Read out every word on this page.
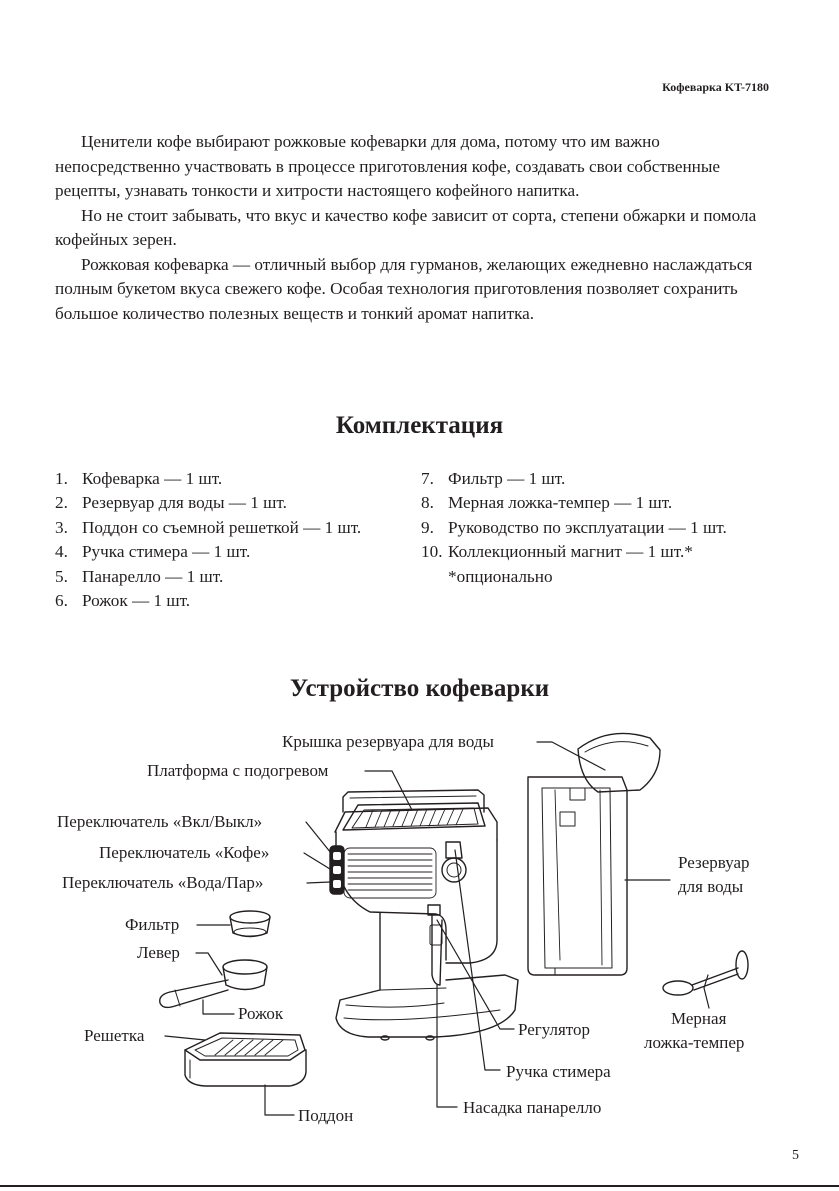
Кофеварка KT-7180

Ценители кофе выбирают рожковые кофеварки для дома, потому что им важно непосредственно участвовать в процессе приготовления кофе, создавать свои собственные рецепты, узнавать тонкости и хитрости настоящего кофейного напитка.

Но не стоит забывать, что вкус и качество кофе зависит от сорта, степени обжарки и помола кофейных зерен.

Рожковая кофеварка — отличный выбор для гурманов, желающих ежедневно наслаждаться полным букетом вкуса свежего кофе. Особая технология приготовления позволяет сохранить большое количество полезных веществ и тонкий аромат напитка.

Комплектация
1. Кофеварка — 1 шт.
2. Резервуар для воды — 1 шт.
3. Поддон со съемной решеткой — 1 шт.
4. Ручка стимера — 1 шт.
5. Панарелло — 1 шт.
6. Рожок — 1 шт.
7. Фильтр — 1 шт.
8. Мерная ложка-темпер — 1 шт.
9. Руководство по эксплуатации — 1 шт.
10. Коллекционный магнит — 1 шт.*
*опционально
Устройство кофеварки
Крышка резервуара для воды
Платформа с подогревом
Переключатель «Вкл/Выкл»
Переключатель «Кофе»
Переключатель «Вода/Пар»
Фильтр
Левер
Рожок
Решетка
Поддон
Резервуар
для воды
Регулятор
Мерная
ложка-темпер
Ручка стимера
Насадка панарелло
5
